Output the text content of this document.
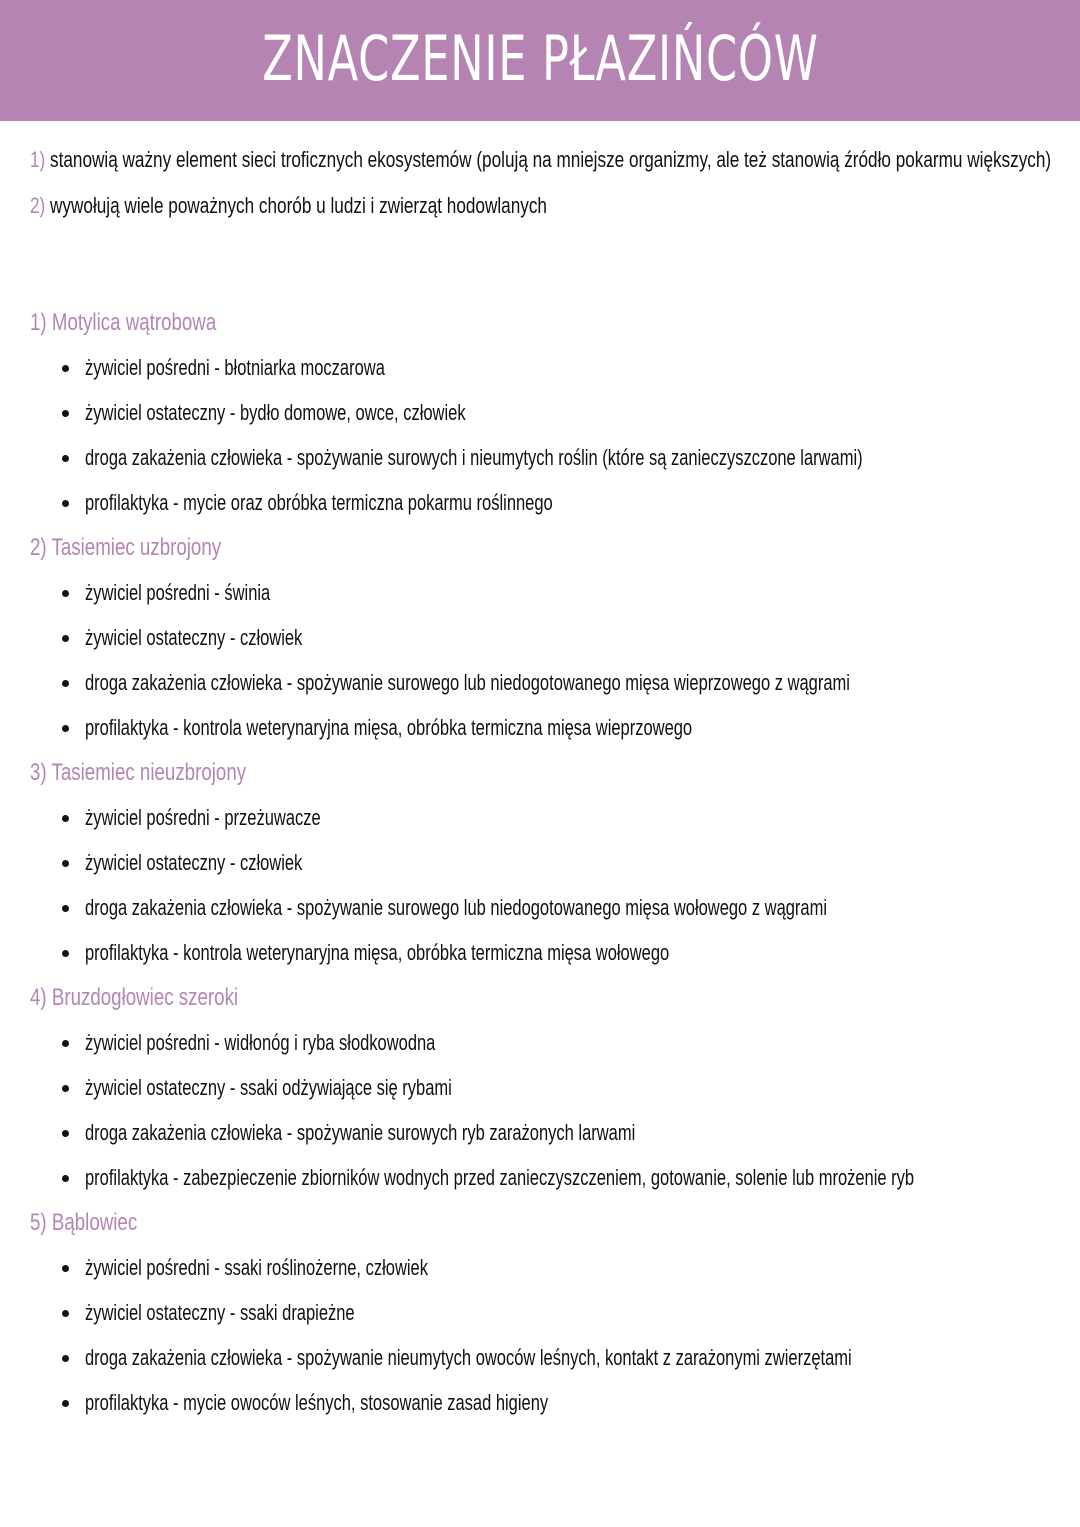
ZNACZENIE PŁAZIŃCÓW
1) stanowią ważny element sieci troficznych ekosystemów (polują na mniejsze organizmy, ale też stanowią źródło pokarmu większych)
2) wywołują wiele poważnych chorób u ludzi i zwierząt hodowlanych
1) Motylica wątrobowa
żywiciel pośredni - błotniarka moczarowa
żywiciel ostateczny - bydło domowe, owce, człowiek
droga zakażenia człowieka - spożywanie surowych i nieumytych roślin (które są zanieczyszczone larwami)
profilaktyka - mycie oraz obróbka termiczna pokarmu roślinnego
2) Tasiemiec uzbrojony
żywiciel pośredni - świnia
żywiciel ostateczny - człowiek
droga zakażenia człowieka - spożywanie surowego lub niedogotowanego mięsa wieprzowego z wągrami
profilaktyka - kontrola weterynaryjna mięsa, obróbka termiczna mięsa wieprzowego
3) Tasiemiec nieuzbrojony
żywiciel pośredni - przeżuwacze
żywiciel ostateczny - człowiek
droga zakażenia człowieka - spożywanie surowego lub niedogotowanego mięsa wołowego z wągrami
profilaktyka - kontrola weterynaryjna mięsa, obróbka termiczna mięsa wołowego
4) Bruzdogłowiec szeroki
żywiciel pośredni - widłonóg i ryba słodkowodna
żywiciel ostateczny - ssaki odżywiające się rybami
droga zakażenia człowieka - spożywanie surowych ryb zarażonych larwami
profilaktyka - zabezpieczenie zbiorników wodnych przed zanieczyszczeniem, gotowanie, solenie lub mrożenie ryb
5) Bąblowiec
żywiciel pośredni - ssaki roślinożerne, człowiek
żywiciel ostateczny - ssaki drapieżne
droga zakażenia człowieka - spożywanie nieumytych owoców leśnych, kontakt z zarażonymi zwierzętami
profilaktyka - mycie owoców leśnych, stosowanie zasad higieny
